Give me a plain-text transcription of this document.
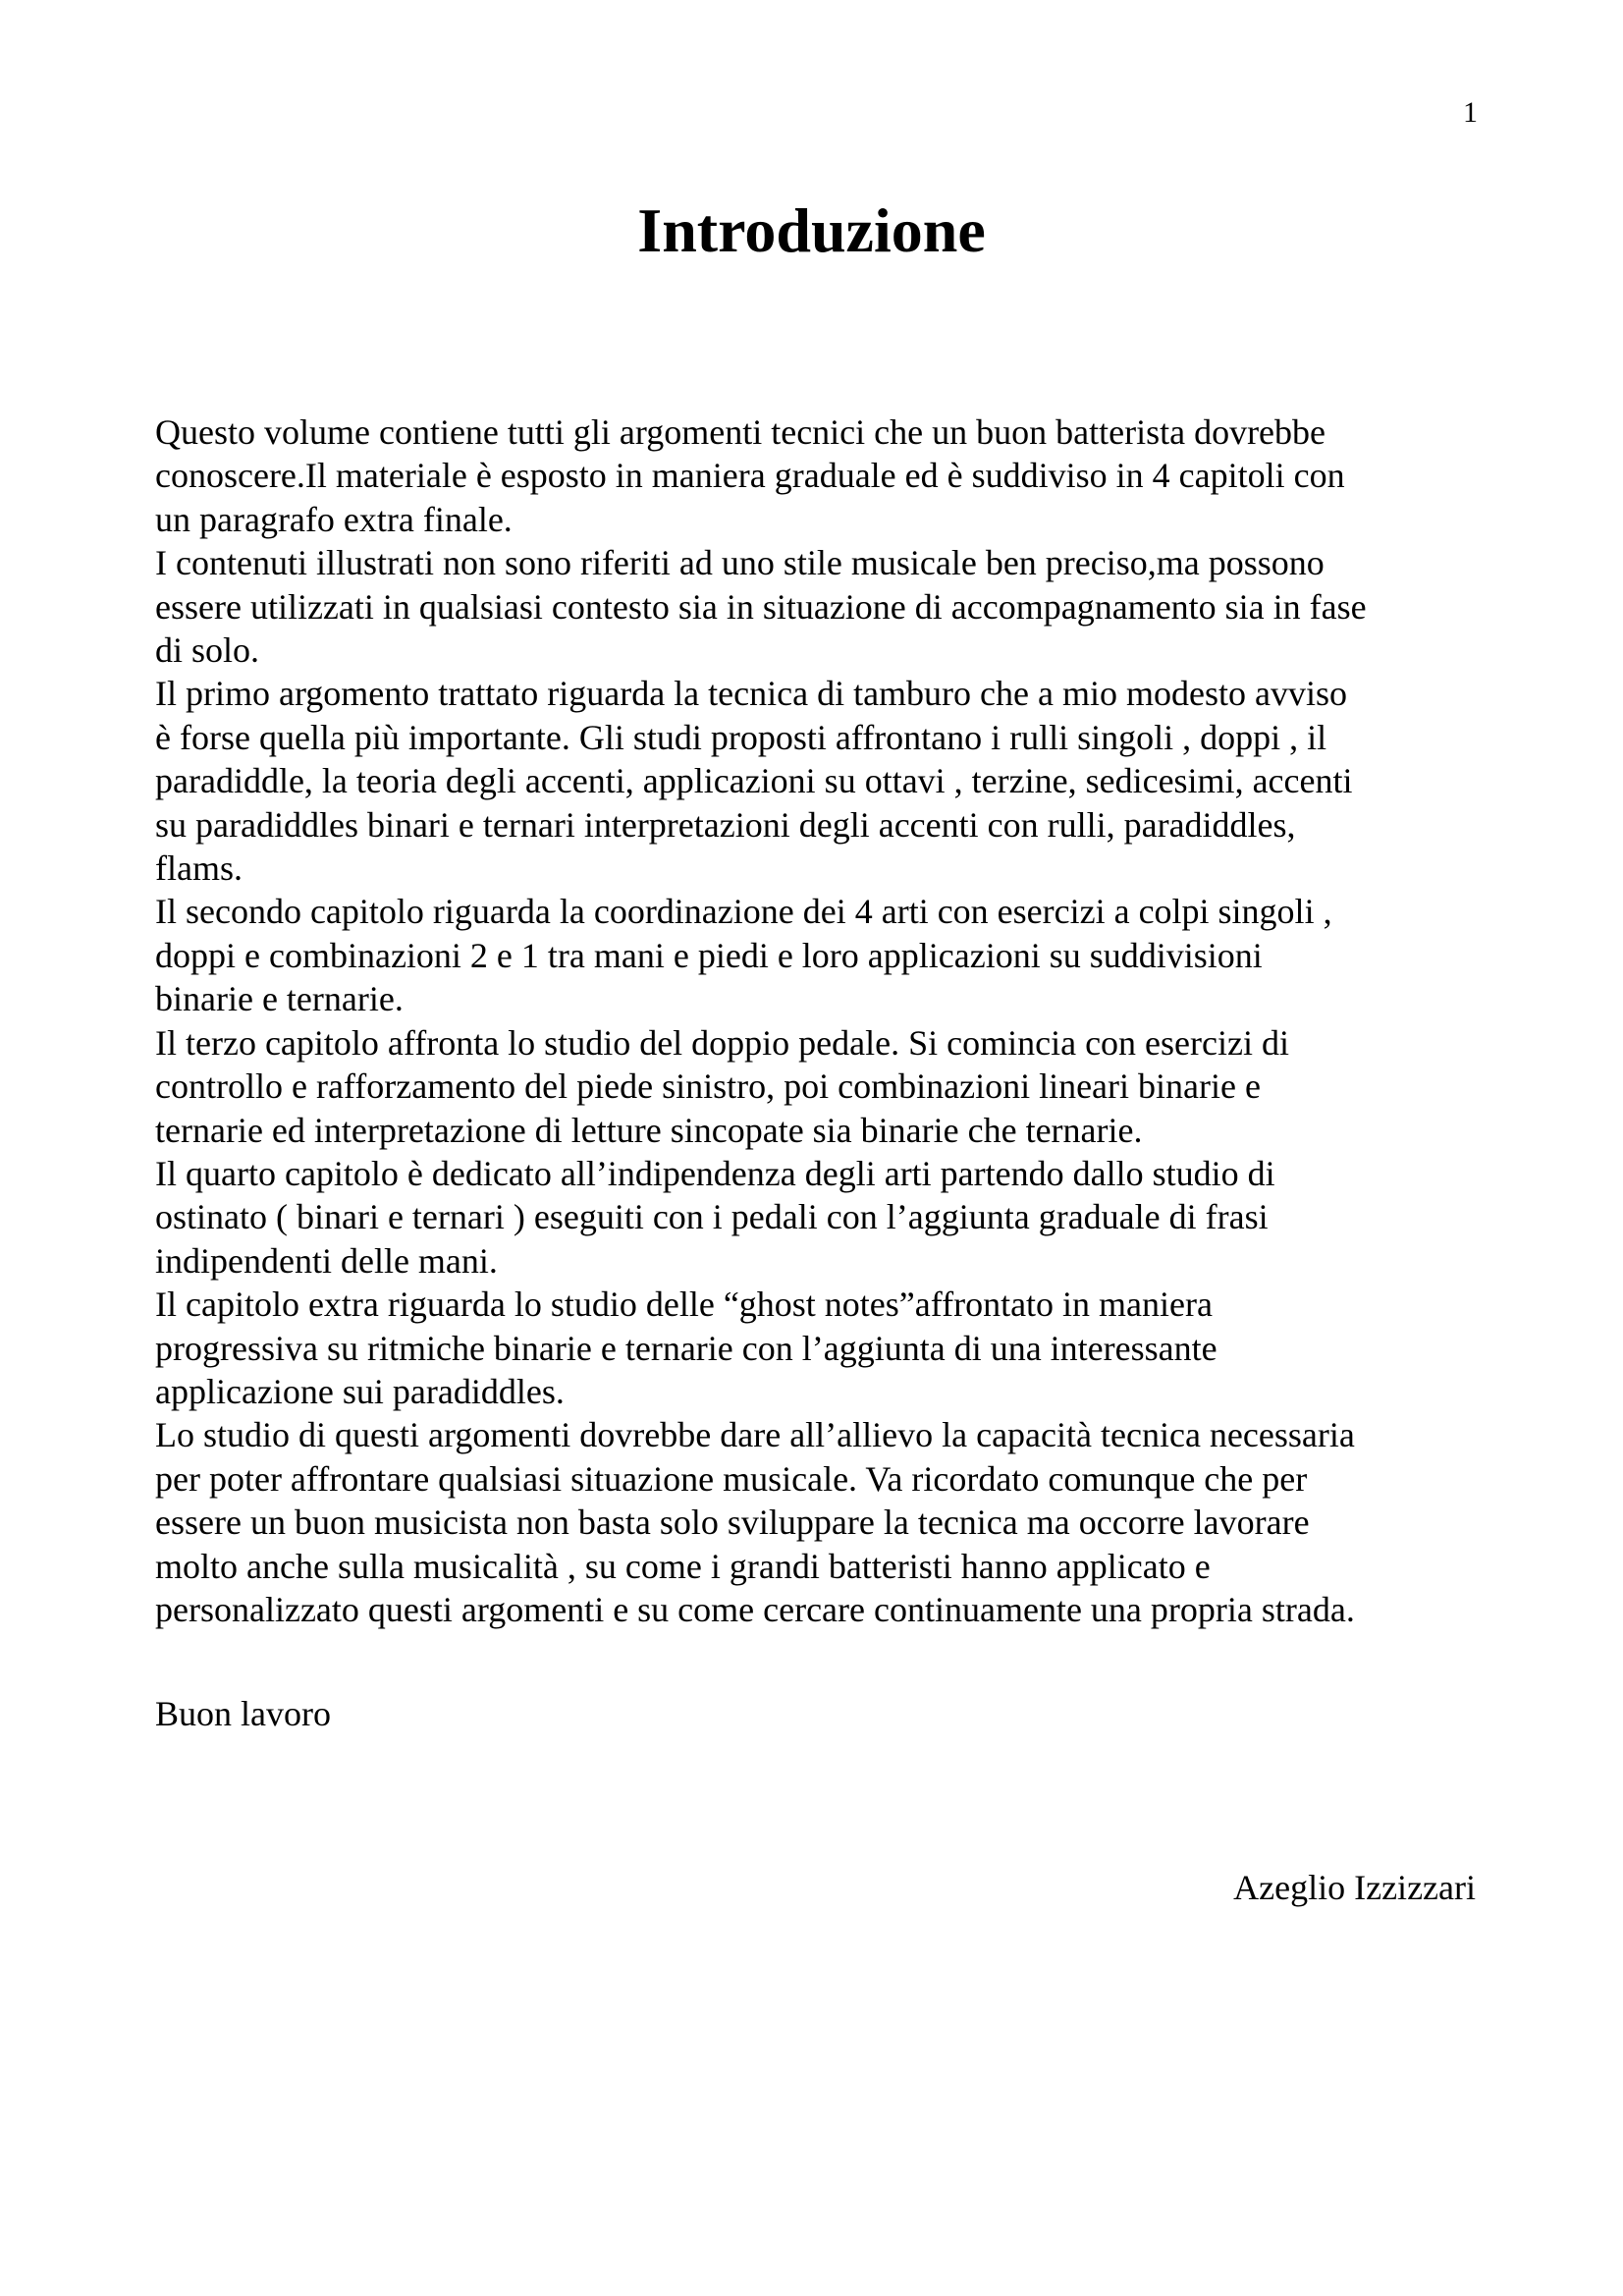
1
Introduzione

Questo volume contiene tutti gli argomenti tecnici che un buon batterista dovrebbe

conoscere.Il materiale è esposto in maniera graduale ed è suddiviso in 4 capitoli con

un paragrafo extra finale.

I contenuti illustrati non sono riferiti ad uno stile musicale ben preciso,ma possono

essere utilizzati in qualsiasi contesto sia in situazione di accompagnamento sia in fase

di solo.

Il primo argomento trattato riguarda la tecnica di tamburo che a mio modesto avviso

è forse quella più importante. Gli studi proposti affrontano i rulli singoli , doppi , il

paradiddle, la teoria degli accenti, applicazioni su ottavi , terzine, sedicesimi, accenti

su paradiddles binari e ternari interpretazioni degli accenti con rulli, paradiddles,

flams.

Il secondo capitolo riguarda la coordinazione dei 4 arti con esercizi a colpi singoli ,

doppi e combinazioni 2 e 1 tra mani e piedi e loro applicazioni su suddivisioni

binarie e ternarie.

Il terzo capitolo affronta lo studio del doppio pedale. Si comincia con esercizi di

controllo e rafforzamento del piede sinistro, poi combinazioni lineari binarie e

ternarie ed interpretazione di letture sincopate sia binarie che ternarie.

Il quarto capitolo è dedicato all’indipendenza degli arti partendo dallo studio di

ostinato ( binari e ternari ) eseguiti con i pedali con l’aggiunta graduale di frasi

indipendenti delle mani.

Il capitolo extra riguarda lo studio delle “ghost notes”affrontato in maniera

progressiva su ritmiche binarie e ternarie con l’aggiunta di una interessante

applicazione sui paradiddles.

Lo studio di questi argomenti dovrebbe dare all’allievo la capacità tecnica necessaria

per poter affrontare qualsiasi situazione musicale. Va ricordato comunque che per

essere un buon musicista non basta solo sviluppare la tecnica ma occorre lavorare

molto anche sulla musicalità , su come i grandi batteristi hanno applicato e

personalizzato questi argomenti e su come cercare continuamente una propria strada.

Buon lavoro

Azeglio Izzizzari
